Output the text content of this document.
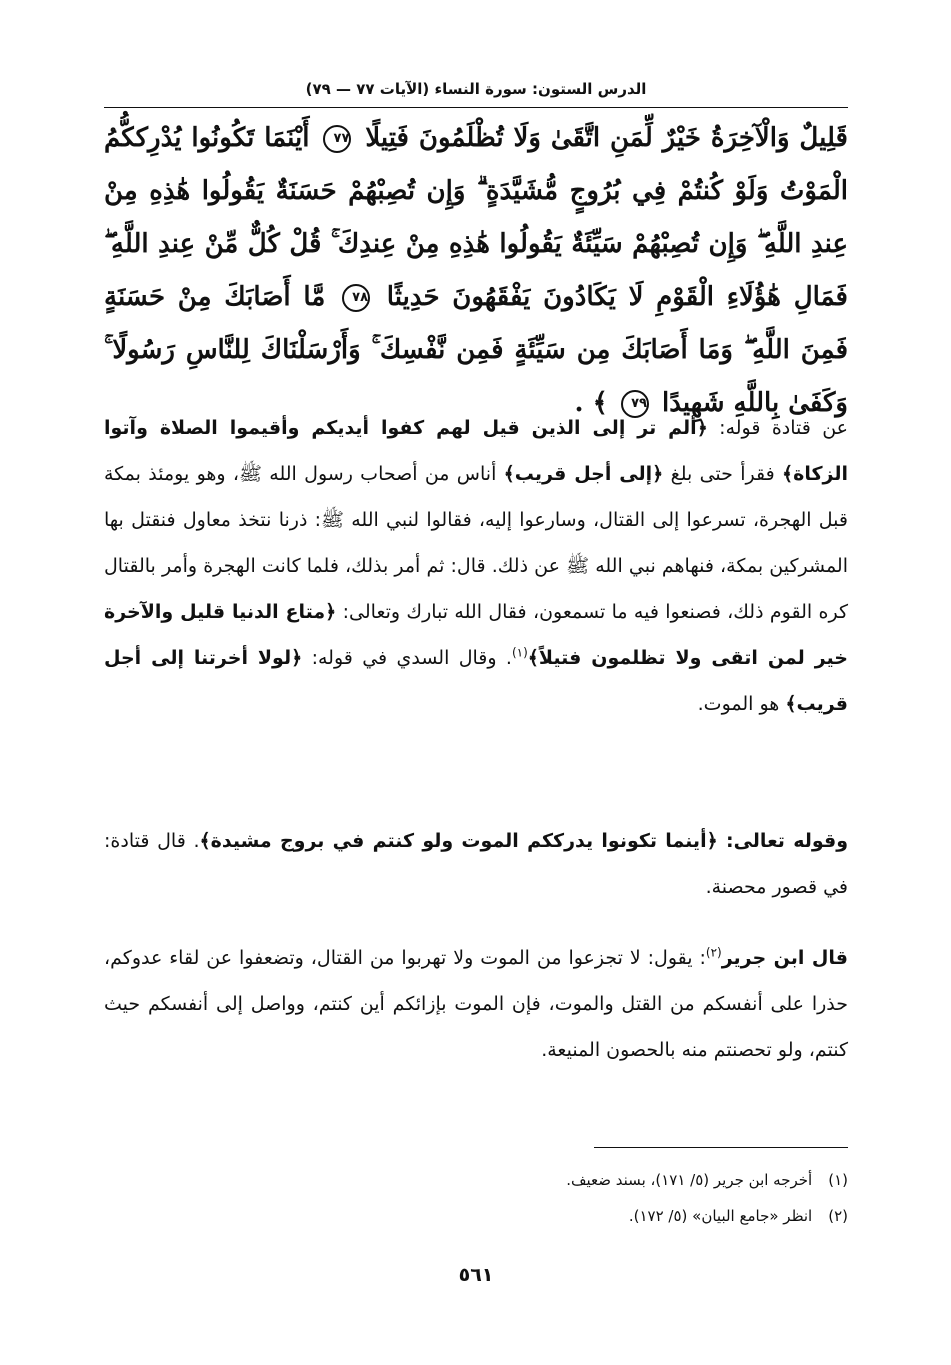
الدرس الستون: سورة النساء (الآيات ٧٧ — ٧٩)
قَلِيلٌ وَالْآخِرَةُ خَيْرٌ لِّمَنِ اتَّقَىٰ وَلَا تُظْلَمُونَ فَتِيلًا ٧٧ أَيْنَمَا تَكُونُوا يُدْرِككُّمُ الْمَوْتُ وَلَوْ كُنتُمْ فِي بُرُوجٍ مُّشَيَّدَةٍ ۗ وَإِن تُصِبْهُمْ حَسَنَةٌ يَقُولُوا هَٰذِهِ مِنْ عِندِ اللَّهِ ۖ وَإِن تُصِبْهُمْ سَيِّئَةٌ يَقُولُوا هَٰذِهِ مِنْ عِندِكَ ۚ قُلْ كُلٌّ مِّنْ عِندِ اللَّهِ ۖ فَمَالِ هَٰؤُلَاءِ الْقَوْمِ لَا يَكَادُونَ يَفْقَهُونَ حَدِيثًا ٧٨ مَّا أَصَابَكَ مِنْ حَسَنَةٍ فَمِنَ اللَّهِ ۖ وَمَا أَصَابَكَ مِن سَيِّئَةٍ فَمِن نَّفْسِكَ ۚ وَأَرْسَلْنَاكَ لِلنَّاسِ رَسُولًا ۚ وَكَفَىٰ بِاللَّهِ شَهِيدًا ٧٩ ﴾ .
عن قتادة قوله: ﴿ألم تر إلى الذين قيل لهم كفوا أيديكم وأقيموا الصلاة وآتوا الزكاة﴾ فقرأ حتى بلغ ﴿إلى أجل قريب﴾ أناس من أصحاب رسول الله ﷺ، وهو يومئذ بمكة قبل الهجرة، تسرعوا إلى القتال، وسارعوا إليه، فقالوا لنبي الله ﷺ: ذرنا نتخذ معاول فنقتل بها المشركين بمكة، فنهاهم نبي الله ﷺ عن ذلك. قال: ثم أمر بذلك، فلما كانت الهجرة وأمر بالقتال كره القوم ذلك، فصنعوا فيه ما تسمعون، فقال الله تبارك وتعالى: ﴿متاع الدنيا قليل والآخرة خير لمن اتقى ولا تظلمون فتيلاً﴾$^{(١)}$. وقال السدي في قوله: ﴿لولا أخرتنا إلى أجل قريب﴾ هو الموت.
وقوله تعالى: ﴿أينما تكونوا يدرككم الموت ولو كنتم في بروج مشيدة﴾. قال قتادة: في قصور محصنة.
قال ابن جرير$^{(٢)}$: يقول: لا تجزعوا من الموت ولا تهربوا من القتال، وتضعفوا عن لقاء عدوكم، حذرا على أنفسكم من القتل والموت، فإن الموت بإزائكم أين كنتم، وواصل إلى أنفسكم حيث كنتم، ولو تحصنتم منه بالحصون المنيعة.
(١)أخرجه ابن جرير (٥/ ١٧١)، بسند ضعيف.
(٢)انظر «جامع البيان» (٥/ ١٧٢).
٥٦١
